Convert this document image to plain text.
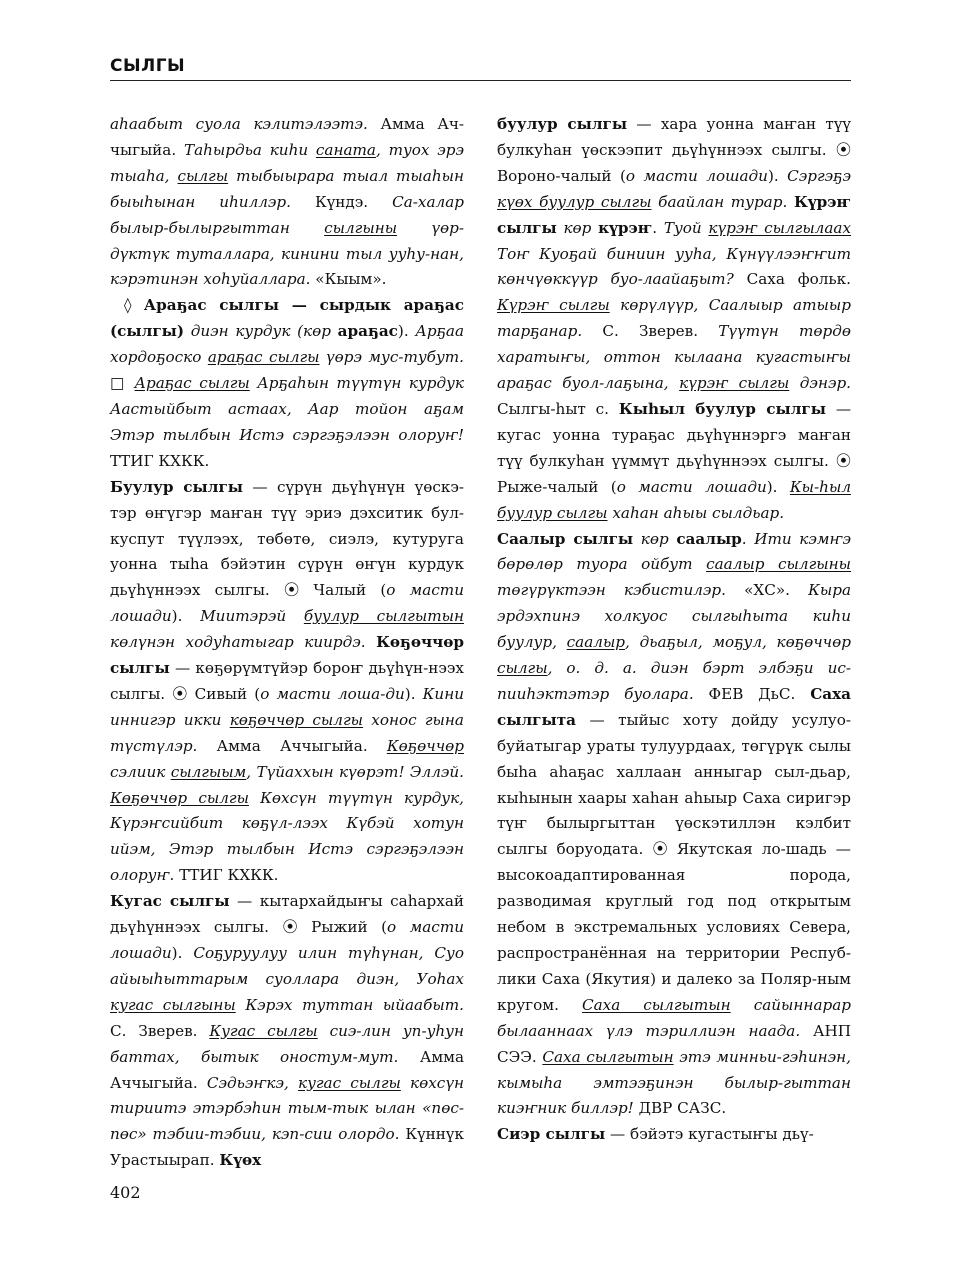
СЫЛГЫ

аһаабыт суола кэлитэлээтэ. Амма Ач-чыгыйа. Таһырдьа киһи саната, туох эрэ тыаһа, сылгы тыбыырара тыал тыаһын быыһынан иһиллэр. Күндэ. Са-халар былыр-былыргыттан сылгыны үөр-дүктүк туталлара, кинини тыл ууһу-нан, кэрэтинэн хоһуйаллара. «Кыым».

◊ Араҕас сылгы — сырдык араҕас (сылгы) диэн курдук (көр араҕас). Арҕаа хордоҕоско араҕас сылгы үөрэ мус-тубут. □ Араҕас сылгы Арҕаһын түүтүн курдук Аастыйбыт астаах, Аар тойон аҕам Этэр тылбын Истэ сэргэҕэлээн олоруҥ! ТТИГ КХКК.

Буулур сылгы — сүрүн дьүһүнүн үөскэ-тэр өҥүгэр маҥан түү эриэ дэхситик бул-куспут түүлээх, төбөтө, сиэлэ, кутуруга уонна тыһа бэйэтин сүрүн өҥүн курдук дьүһүннээх сылгы. ⦿ Чалый (о масти лошади). Миитэрэй буулур сылгытын көлүнэн ходуһатыгар киирдэ. Көҕөччөр сылгы — көҕөрүмтүйэр бороҥ дьүһүн-нээх сылгы. ⦿ Сивый (о масти лоша-ди). Кини иннигэр икки көҕөччөр сылгы хонос гына түстүлэр. Амма Аччыгыйа. Көҕөччөр сэлиик сылгыым, Түйаххын күөрэт! Эллэй. Көҕөччөр сылгы Көхсүн түүтүн курдук, Күрэҥсийбит көҕүл-лээх Күбэй хотун ийэм, Этэр тылбын Истэ сэргэҕэлээн олоруҥ. ТТИГ КХКК.

Кугас сылгы — кытархайдыҥы саһархай дьүһүннээх сылгы. ⦿ Рыжий (о масти лошади). Соҕуруулуу илин түһүнан, Суо айыыһыттарым суоллара диэн, Уоһах кугас сылгыны Кэрэх туттан ыйаабыт. С. Зверев. Кугас сылгы сиэ-лин уп-уһун баттах, бытык оностум-мут. Амма Аччыгыйа. Сэдьэҥкэ, кугас сылгы көхсүн тириитэ этэрбэһин тым-тык ылан «пөс-пөс» тэбии-тэбии, кэп-сии олордо. Күннүк Урастыырап. Күөх

буулур сылгы — хара уонна маҥан түү булкуһан үөскээпит дьүһүннээх сылгы. ⦿ Вороно-чалый (о масти лошади). Сэргэҕэ күөх буулур сылгы баайлан турар. Күрэҥ сылгы көр күрэҥ. Туой күрэҥ сылгылаах Тоҥ Куоҕай биниин ууһа, Күнүүлээҥҥит көнчүөккүүр буо-лаайаҕыт? Саха фольк. Күрэҥ сылгы көрүлүүр, Саалыыр атыыр тарҕанар. С. Зверев. Түүтүн төрдө харатыҥы, оттон кылаана кугастыҥы араҕас буол-лаҕына, күрэҥ сылгы дэнэр. Сылгы-һыт с. Кыһыл буулур сылгы — кугас уонна тураҕас дьүһүннэргэ маҥан түү булкуһан үүммүт дьүһүннээх сылгы. ⦿ Рыже-чалый (о масти лошади). Кы-һыл буулур сылгы хаһан аһыы сылдьар.

Саалыр сылгы көр саалыр. Ити кэмҥэ бөрөлөр туора ойбут саалыр сылгыны төгүрүктээн кэбистилэр. «ХС». Кыра эрдэхпинэ холкуос сылгыһыта киһи буулур, саалыр, дьаҕыл, моҕул, көҕөччөр сылгы, о. д. а. диэн бэрт элбэҕи ис-пииһэктэтэр буолара. ФЕВ ДьС. Саха сылгыта — тыйыс хоту дойду усулуо-буйатыгар ураты тулуурдаах, төгүрүк сылы быһа аһаҕас халлаан анныгар сыл-дьар, кыһынын хаары хаһан аһыыр Саха сиригэр түҥ былыргыттан үөскэтиллэн кэлбит сылгы боруодата. ⦿ Якутская ло-шадь — высокоадаптированная порода, разводимая круглый год под открытым небом в экстремальных условиях Севера, распространённая на территории Респуб-лики Саха (Якутия) и далеко за Поляр-ным кругом. Саха сылгытын сайыннарар былааннаах үлэ тэриллиэн наада. АНП СЭЭ. Саха сылгытын этэ минньи-гэһинэн, кымыһа эмтээҕинэн былыр-гыттан киэҥник биллэр! ДВР САЗС.

Сиэр сылгы — бэйэтэ кугастыҥы дьү-

402
